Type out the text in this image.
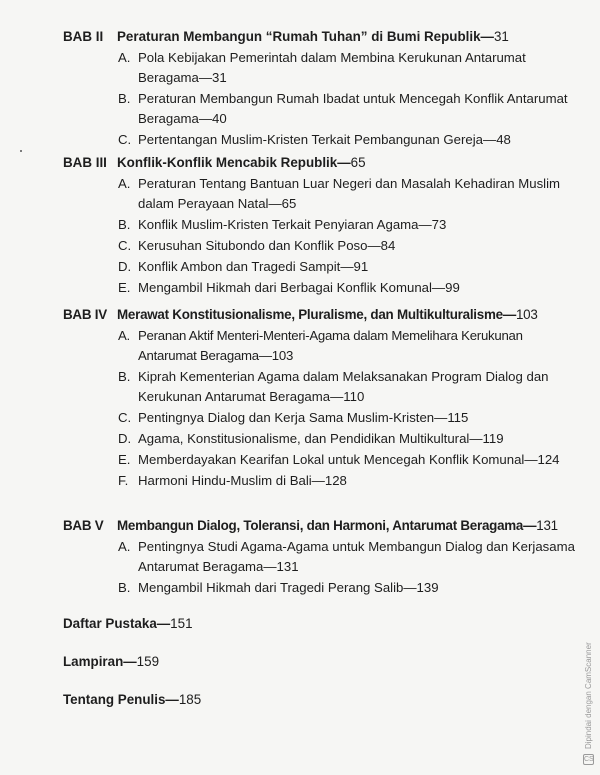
BAB II Peraturan Membangun “Rumah Tuhan” di Bumi Republik—31
A. Pola Kebijakan Pemerintah dalam Membina Kerukunan Antarumat Beragama—31
B. Peraturan Membangun Rumah Ibadat untuk Mencegah Konflik Antarumat Beragama—40
C. Pertentangan Muslim-Kristen Terkait Pembangunan Gereja—48
BAB III Konflik-Konflik Mencabik Republik—65
A. Peraturan Tentang Bantuan Luar Negeri dan Masalah Kehadiran Muslim dalam Perayaan Natal—65
B. Konflik Muslim-Kristen Terkait Penyiaran Agama—73
C. Kerusuhan Situbondo dan Konflik Poso—84
D. Konflik Ambon dan Tragedi Sampit—91
E. Mengambil Hikmah dari Berbagai Konflik Komunal—99
BAB IV Merawat Konstitusionalisme, Pluralisme, dan Multikulturalisme—103
A. Peranan Aktif Menteri-Menteri-Agama dalam Memelihara Kerukunan Antarumat Beragama—103
B. Kiprah Kementerian Agama dalam Melaksanakan Program Dialog dan Kerukunan Antarumat Beragama—110
C. Pentingnya Dialog dan Kerja Sama Muslim-Kristen—115
D. Agama, Konstitusionalisme, dan Pendidikan Multikultural—119
E. Memberdayakan Kearifan Lokal untuk Mencegah Konflik Komunal—124
F. Harmoni Hindu-Muslim di Bali—128
BAB V Membangun Dialog, Toleransi, dan Harmoni, Antarumat Beragama—131
A. Pentingnya Studi Agama-Agama untuk Membangun Dialog dan Kerjasama Antarumat Beragama—131
B. Mengambil Hikmah dari Tragedi Perang Salib—139
Daftar Pustaka—151
Lampiran—159
Tentang Penulis—185	Dipindai dengan CamScanner
CS
